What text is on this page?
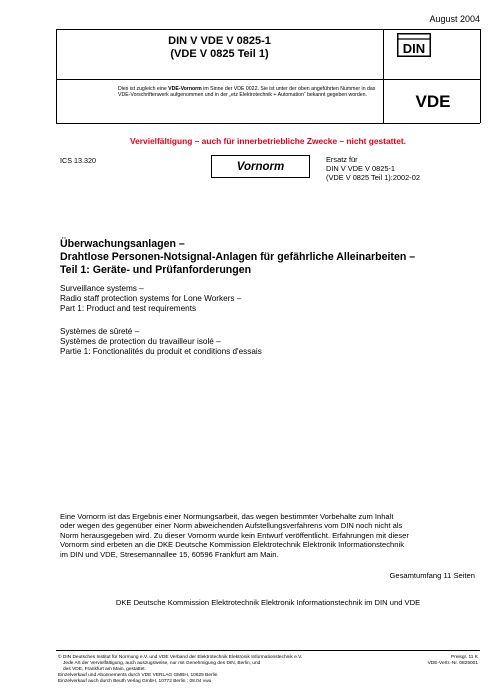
August 2004
DIN V VDE V 0825-1
(VDE V 0825 Teil 1)	DIN
VDE
Dies ist zugleich eine VDE-Vornorm im Sinne der VDE 0022. Sie ist unter der oben angeführten Nummer in das VDE-Vorschriftenwerk aufgenommen und in der „etz Elektrotechnik + Automation“ bekannt gegeben worden.
Vervielfältigung – auch für innerbetriebliche Zwecke – nicht gestattet.
ICS 13.320	Vornorm
Ersatz für
DIN V VDE V 0825-1
(VDE V 0825 Teil 1):2002-02
Überwachungsanlagen –
Drahtlose Personen-Notsignal-Anlagen für gefährliche Alleinarbeiten –
Teil 1: Geräte- und Prüfanforderungen
Surveillance systems –
Radio staff protection systems for Lone Workers –
Part 1: Product and test requirements
Systèmes de sûreté –
Systèmes de protection du travailleur isolé –
Partie 1: Fonctionalités du produit et conditions d'essais
Eine Vornorm ist das Ergebnis einer Normungsarbeit, das wegen bestimmter Vorbehalte zum Inhalt
oder wegen des gegenüber einer Norm abweichenden Aufstellungsverfahrens vom DIN noch nicht als
Norm herausgegeben wird. Zu dieser Vornorm wurde kein Entwurf veröffentlicht. Erfahrungen mit dieser
Vornorm sind erbeten an die DKE Deutsche Kommission Elektrotechnik Elektronik Informationstechnik
im DIN und VDE, Stresemannallee 15, 60596 Frankfurt am Main.
Gesamtumfang 11 Seiten
DKE Deutsche Kommission Elektrotechnik Elektronik Informationstechnik im DIN und VDE
© DIN Deutsches Institut für Normung e.V. und VDE Verband der Elektrotechnik Elektronik Informationstechnik e.V.
Jede Art der Vervielfältigung, auch auszugsweise, nur mit Genehmigung des DIN, Berlin, und
des VDE, Frankfurt am Main, gestattet.
Einzelverkauf und Abonnements durch VDE VERLAG GMBH, 10625 Berlin
Einzelverkauf auch durch Beuth Verlag GmbH, 10772 Berlin : 08.04 vwu
Preisgr. 11 K
VDE-Vertr.-Nr. 0825001
